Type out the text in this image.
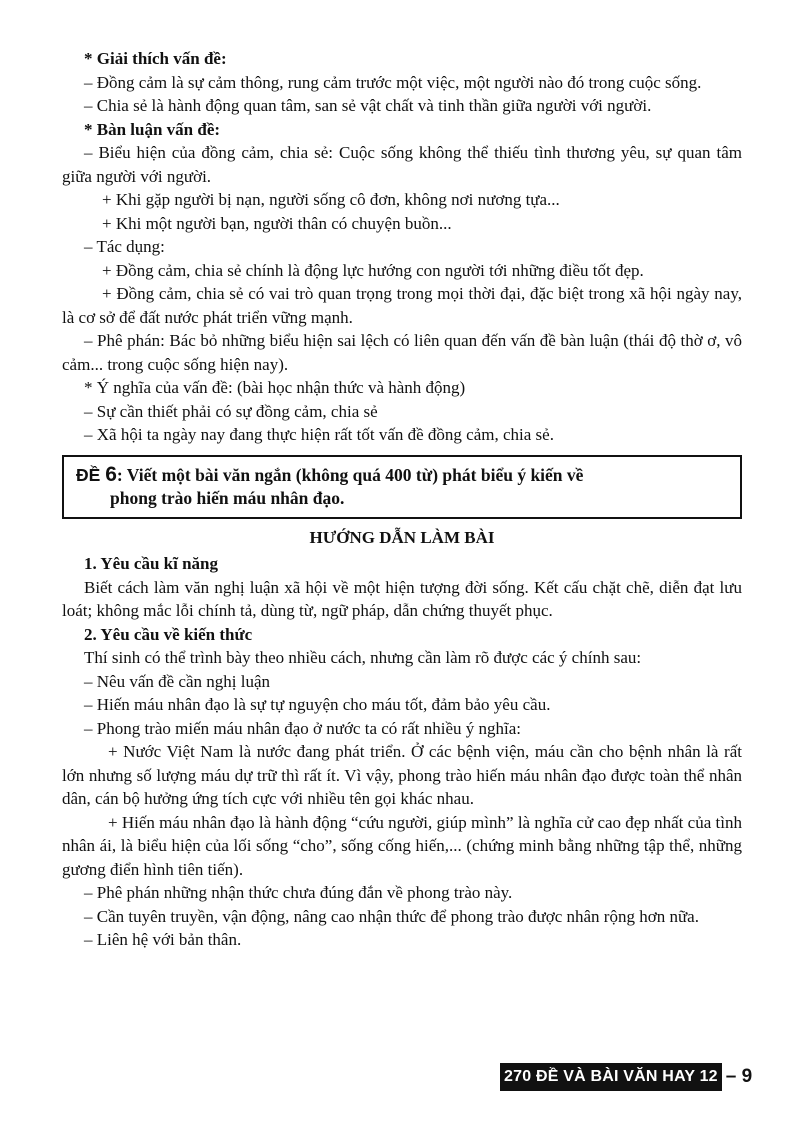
* Giải thích vấn đề:
– Đồng cảm là sự cảm thông, rung cảm trước một việc, một người nào đó trong cuộc sống.
– Chia sẻ là hành động quan tâm, san sẻ vật chất và tinh thần giữa người với người.
* Bàn luận vấn đề:
– Biểu hiện của đồng cảm, chia sẻ: Cuộc sống không thể thiếu tình thương yêu, sự quan tâm giữa người với người.
+ Khi gặp người bị nạn, người sống cô đơn, không nơi nương tựa...
+ Khi một người bạn, người thân có chuyện buồn...
– Tác dụng:
+ Đồng cảm, chia sẻ chính là động lực hướng con người tới những điều tốt đẹp.
+ Đồng cảm, chia sẻ có vai trò quan trọng trong mọi thời đại, đặc biệt trong xã hội ngày nay, là cơ sở để đất nước phát triển vững mạnh.
– Phê phán: Bác bỏ những biểu hiện sai lệch có liên quan đến vấn đề bàn luận (thái độ thờ ơ, vô cảm... trong cuộc sống hiện nay).
* Ý nghĩa của vấn đề: (bài học nhận thức và hành động)
– Sự cần thiết phải có sự đồng cảm, chia sẻ
– Xã hội ta ngày nay đang thực hiện rất tốt vấn đề đồng cảm, chia sẻ.
ĐỀ 6: Viết một bài văn ngắn (không quá 400 từ) phát biểu ý kiến về
phong trào hiến máu nhân đạo.
HƯỚNG DẪN LÀM BÀI
1. Yêu cầu kĩ năng
Biết cách làm văn nghị luận xã hội về một hiện tượng đời sống. Kết cấu chặt chẽ, diễn đạt lưu loát; không mắc lỗi chính tả, dùng từ, ngữ pháp, dẫn chứng thuyết phục.
2. Yêu cầu về kiến thức
Thí sinh có thể trình bày theo nhiều cách, nhưng cần làm rõ được các ý chính sau:
– Nêu vấn đề cần nghị luận
– Hiến máu nhân đạo là sự tự nguyện cho máu tốt, đảm bảo yêu cầu.
– Phong trào miến máu nhân đạo ở nước ta có rất nhiều ý nghĩa:
+ Nước Việt Nam là nước đang phát triển. Ở các bệnh viện, máu cần cho bệnh nhân là rất lớn nhưng số lượng máu dự trữ thì rất ít. Vì vậy, phong trào hiến máu nhân đạo được toàn thể nhân dân, cán bộ hưởng ứng tích cực với nhiều tên gọi khác nhau.
+ Hiến máu nhân đạo là hành động “cứu người, giúp mình” là nghĩa cử cao đẹp nhất của tình nhân ái, là biểu hiện của lối sống “cho”, sống cống hiến,... (chứng minh bằng những tập thể, những gương điển hình tiên tiến).
– Phê phán những nhận thức chưa đúng đắn về phong trào này.
– Cần tuyên truyền, vận động, nâng cao nhận thức để phong trào được nhân rộng hơn nữa.
– Liên hệ với bản thân.
270 ĐỀ VÀ BÀI VĂN HAY 12 – 9
